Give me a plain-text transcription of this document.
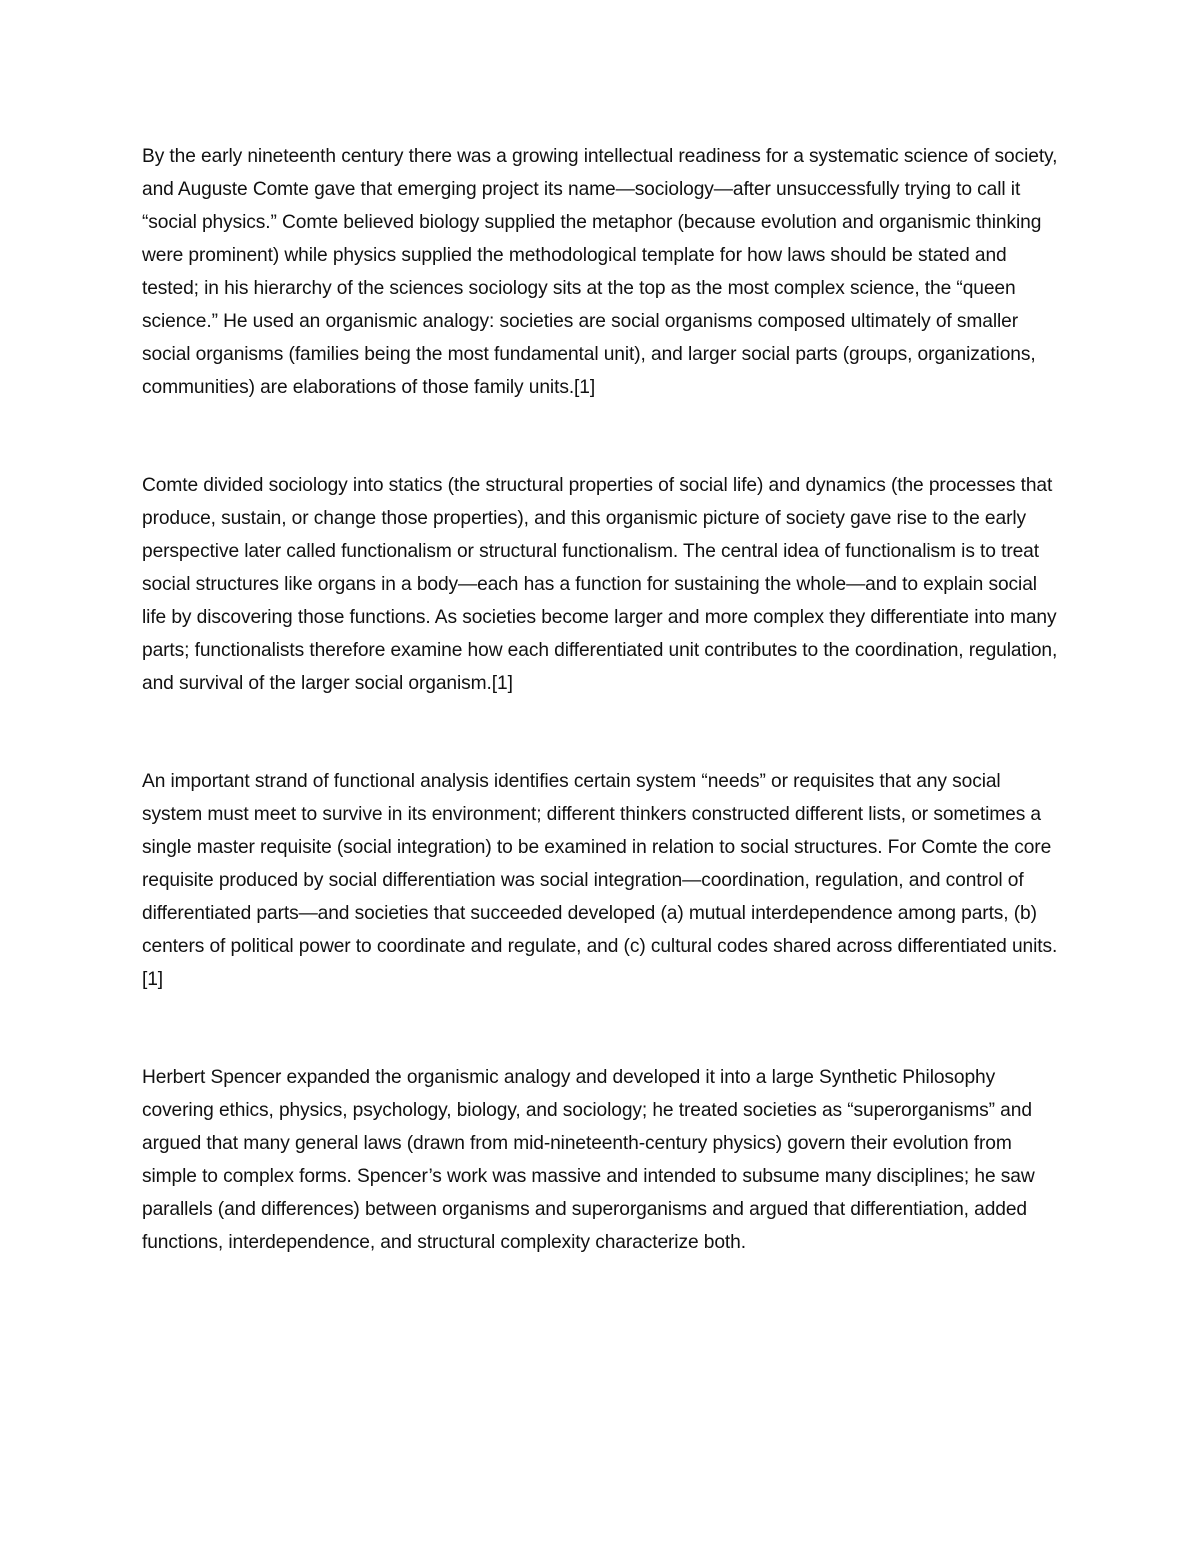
By the early nineteenth century there was a growing intellectual readiness for a systematic science of society, and Auguste Comte gave that emerging project its name—sociology—after unsuccessfully trying to call it “social physics.” Comte believed biology supplied the metaphor (because evolution and organismic thinking were prominent) while physics supplied the methodological template for how laws should be stated and tested; in his hierarchy of the sciences sociology sits at the top as the most complex science, the “queen science.” He used an organismic analogy: societies are social organisms composed ultimately of smaller social organisms (families being the most fundamental unit), and larger social parts (groups, organizations, communities) are elaborations of those family units.[1]

Comte divided sociology into statics (the structural properties of social life) and dynamics (the processes that produce, sustain, or change those properties), and this organismic picture of society gave rise to the early perspective later called functionalism or structural functionalism. The central idea of functionalism is to treat social structures like organs in a body—each has a function for sustaining the whole—and to explain social life by discovering those functions. As societies become larger and more complex they differentiate into many parts; functionalists therefore examine how each differentiated unit contributes to the coordination, regulation, and survival of the larger social organism.[1]

An important strand of functional analysis identifies certain system “needs” or requisites that any social system must meet to survive in its environment; different thinkers constructed different lists, or sometimes a single master requisite (social integration) to be examined in relation to social structures. For Comte the core requisite produced by social differentiation was social integration—coordination, regulation, and control of differentiated parts—and societies that succeeded developed (a) mutual interdependence among parts, (b) centers of political power to coordinate and regulate, and (c) cultural codes shared across differentiated units.[1]

Herbert Spencer expanded the organismic analogy and developed it into a large Synthetic Philosophy covering ethics, physics, psychology, biology, and sociology; he treated societies as “superorganisms” and argued that many general laws (drawn from mid-nineteenth-century physics) govern their evolution from simple to complex forms. Spencer’s work was massive and intended to subsume many disciplines; he saw parallels (and differences) between organisms and superorganisms and argued that differentiation, added functions, interdependence, and structural complexity characterize both.
